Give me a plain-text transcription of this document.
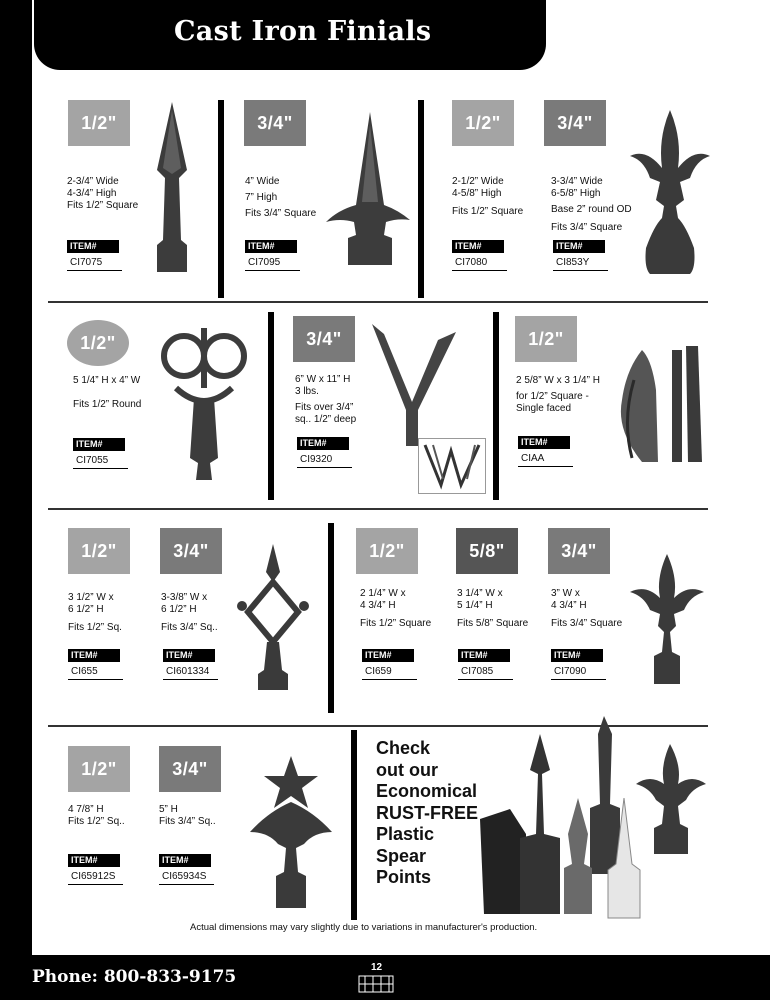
Cast Iron Finials
1/2"
2-3/4” Wide
4-3/4” High
Fits 1/2” Square
ITEM#
CI7075
3/4"
4” Wide
7” High
Fits 3/4” Square
ITEM#
CI7095
1/2"
2-1/2” Wide
4-5/8” High
Fits 1/2” Square
ITEM#
CI7080
3/4"
3-3/4” Wide
6-5/8” High
Base 2” round OD
Fits 3/4” Square
ITEM#
CI853Y
1/2"
5 1/4” H x 4” W
Fits 1/2” Round
ITEM#
CI7055
3/4"
6” W x 11” H
3 lbs.
Fits over 3/4”
sq.. 1/2” deep
ITEM#
CI9320
1/2"
2 5/8” W x 3 1/4” H
for 1/2” Square -
Single faced
ITEM#
CIAA
1/2"
3 1/2” W x
6 1/2” H
Fits 1/2” Sq.
ITEM#
CI655
3/4"
3-3/8” W x
6 1/2” H
Fits 3/4” Sq..
ITEM#
CI601334
1/2"
2 1/4” W x
4 3/4” H
Fits 1/2” Square
ITEM#
CI659
5/8"
3 1/4” W x
5 1/4” H
Fits 5/8” Square
ITEM#
CI7085
3/4"
3” W x
4 3/4” H
Fits 3/4” Square
ITEM#
CI7090
1/2"
4 7/8” H
Fits 1/2” Sq..
ITEM#
CI65912S
3/4"
5” H
Fits 3/4” Sq..
ITEM#
CI65934S
Check
out our
Economical
RUST-FREE
Plastic
Spear
Points
Actual dimensions may vary slightly due to variations in manufacturer's production.
Phone: 800-833-9175	12
